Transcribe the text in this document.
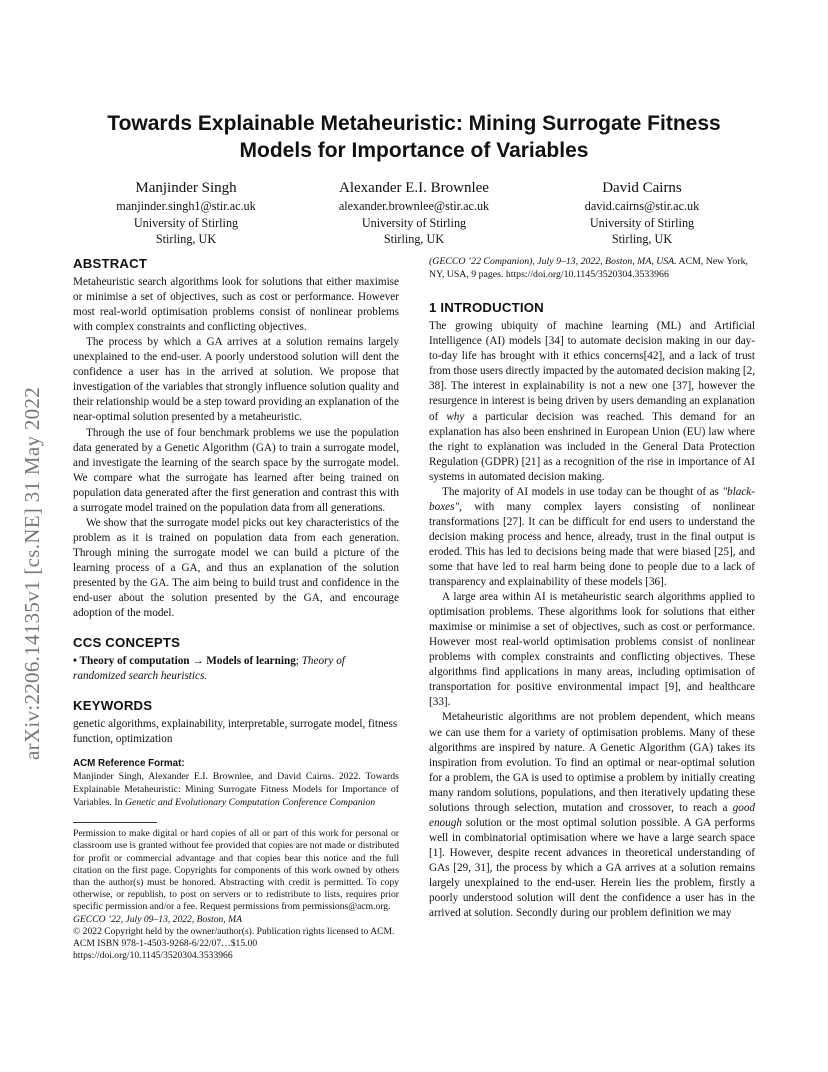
arXiv:2206.14135v1 [cs.NE] 31 May 2022
Towards Explainable Metaheuristic: Mining Surrogate Fitness Models for Importance of Variables
Manjinder Singh
manjinder.singh1@stir.ac.uk
University of Stirling
Stirling, UK
Alexander E.I. Brownlee
alexander.brownlee@stir.ac.uk
University of Stirling
Stirling, UK
David Cairns
david.cairns@stir.ac.uk
University of Stirling
Stirling, UK
ABSTRACT

Metaheuristic search algorithms look for solutions that either maximise or minimise a set of objectives, such as cost or performance. However most real-world optimisation problems consist of nonlinear problems with complex constraints and conflicting objectives.

The process by which a GA arrives at a solution remains largely unexplained to the end-user. A poorly understood solution will dent the confidence a user has in the arrived at solution. We propose that investigation of the variables that strongly influence solution quality and their relationship would be a step toward providing an explanation of the near-optimal solution presented by a metaheuristic.

Through the use of four benchmark problems we use the population data generated by a Genetic Algorithm (GA) to train a surrogate model, and investigate the learning of the search space by the surrogate model. We compare what the surrogate has learned after being trained on population data generated after the first generation and contrast this with a surrogate model trained on the population data from all generations.

We show that the surrogate model picks out key characteristics of the problem as it is trained on population data from each generation. Through mining the surrogate model we can build a picture of the learning process of a GA, and thus an explanation of the solution presented by the GA. The aim being to build trust and confidence in the end-user about the solution presented by the GA, and encourage adoption of the model.

CCS CONCEPTS

• Theory of computation → Models of learning; Theory of randomized search heuristics.

KEYWORDS

genetic algorithms, explainability, interpretable, surrogate model, fitness function, optimization

ACM Reference Format:
Manjinder Singh, Alexander E.I. Brownlee, and David Cairns. 2022. Towards Explainable Metaheuristic: Mining Surrogate Fitness Models for Importance of Variables. In Genetic and Evolutionary Computation Conference Companion
Permission to make digital or hard copies of all or part of this work for personal or classroom use is granted without fee provided that copies are not made or distributed for profit or commercial advantage and that copies bear this notice and the full citation on the first page. Copyrights for components of this work owned by others than the author(s) must be honored. Abstracting with credit is permitted. To copy otherwise, or republish, to post on servers or to redistribute to lists, requires prior specific permission and/or a fee. Request permissions from permissions@acm.org.
GECCO ’22, July 09–13, 2022, Boston, MA
© 2022 Copyright held by the owner/author(s). Publication rights licensed to ACM.
ACM ISBN 978-1-4503-9268-6/22/07…$15.00
https://doi.org/10.1145/3520304.3533966
(GECCO ’22 Companion), July 9–13, 2022, Boston, MA, USA. ACM, New York, NY, USA, 9 pages. https://doi.org/10.1145/3520304.3533966
1 INTRODUCTION

The growing ubiquity of machine learning (ML) and Artificial Intelligence (AI) models [34] to automate decision making in our day-to-day life has brought with it ethics concerns[42], and a lack of trust from those users directly impacted by the automated decision making [2, 38]. The interest in explainability is not a new one [37], however the resurgence in interest is being driven by users demanding an explanation of why a particular decision was reached. This demand for an explanation has also been enshrined in European Union (EU) law where the right to explanation was included in the General Data Protection Regulation (GDPR) [21] as a recognition of the rise in importance of AI systems in automated decision making.

The majority of AI models in use today can be thought of as "black-boxes", with many complex layers consisting of nonlinear transformations [27]. It can be difficult for end users to understand the decision making process and hence, already, trust in the final output is eroded. This has led to decisions being made that were biased [25], and some that have led to real harm being done to people due to a lack of transparency and explainability of these models [36].

A large area within AI is metaheuristic search algorithms applied to optimisation problems. These algorithms look for solutions that either maximise or minimise a set of objectives, such as cost or performance. However most real-world optimisation problems consist of nonlinear problems with complex constraints and conflicting objectives. These algorithms find applications in many areas, including optimisation of transportation for positive environmental impact [9], and healthcare [33].

Metaheuristic algorithms are not problem dependent, which means we can use them for a variety of optimisation problems. Many of these algorithms are inspired by nature. A Genetic Algorithm (GA) takes its inspiration from evolution. To find an optimal or near-optimal solution for a problem, the GA is used to optimise a problem by initially creating many random solutions, populations, and then iteratively updating these solutions through selection, mutation and crossover, to reach a good enough solution or the most optimal solution possible. A GA performs well in combinatorial optimisation where we have a large search space [1]. However, despite recent advances in theoretical understanding of GAs [29, 31], the process by which a GA arrives at a solution remains largely unexplained to the end-user. Herein lies the problem, firstly a poorly understood solution will dent the confidence a user has in the arrived at solution. Secondly during our problem definition we may
